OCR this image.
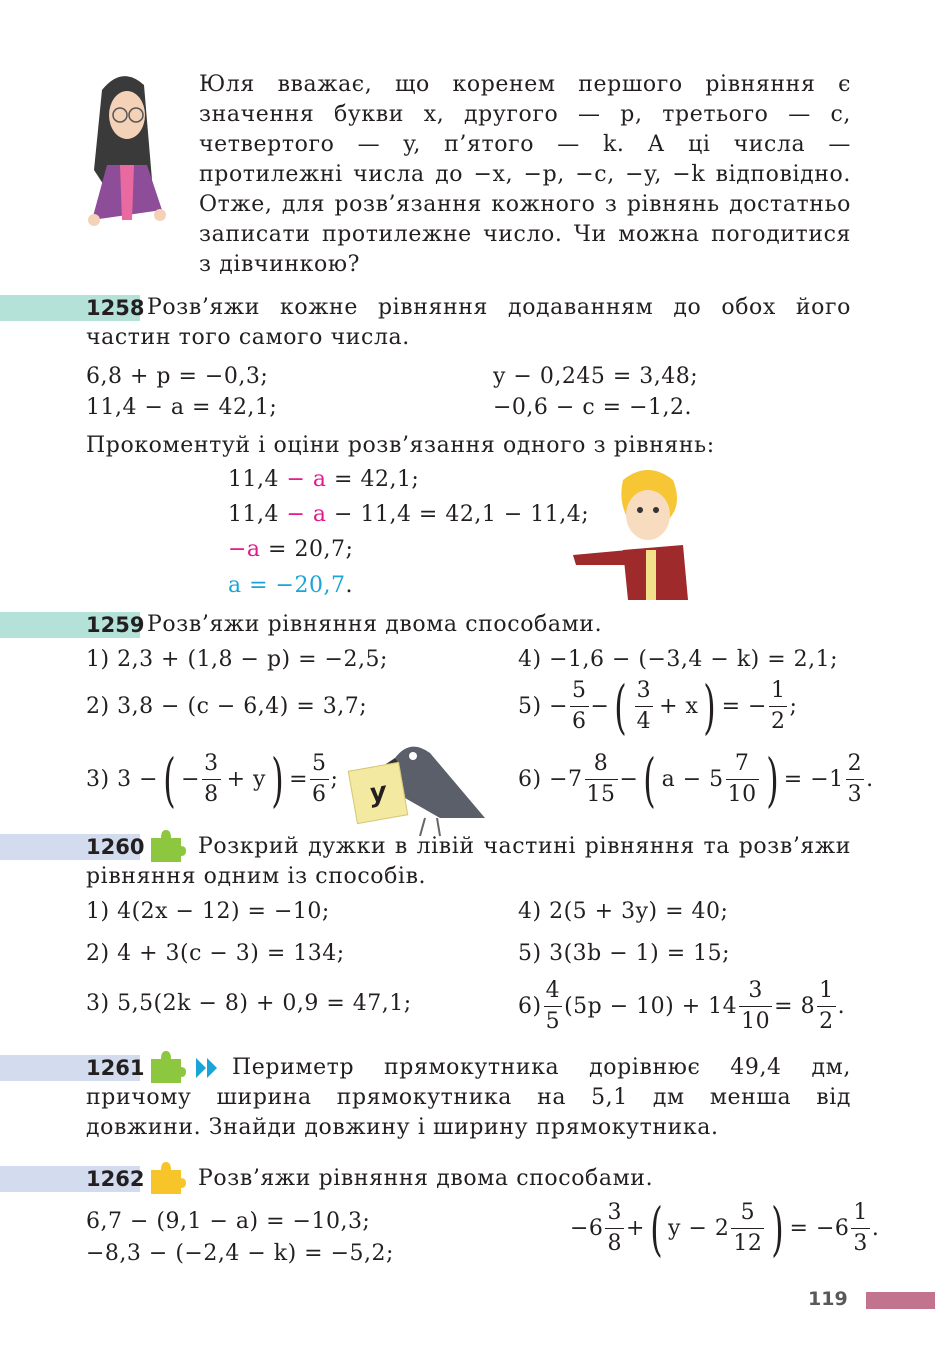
Юля вважає, що коренем першого рівняння є значення букви x, другого — p, третього — c, четвертого — y, п’ятого — k. А ці числа — протилежні числа до −x, −p, −c, −y, −k відповідно. Отже, для розв’язання кожного з рівнянь достатньо записати протилежне число. Чи можна погодитися з дівчинкою?
1258 Розв’яжи кожне рівняння додаванням до обох його частин того самого числа.
6,8 + p = −0,3;	y − 0,245 = 3,48;
11,4 − a = 42,1;	−0,6 − c = −1,2.
Прокоментуй і оціни розв’язання одного з рівнянь:
11,4 − a = 42,1;
11,4 − a − 11,4 = 42,1 − 11,4;
−a = 20,7;
a = −20,7.
1259 Розв’яжи рівняння двома способами.
1) 2,3 + (1,8 − p) = −2,5;	4) −1,6 − (−3,4 − k) = 2,1;
2) 3,8 − (c − 6,4) = 3,7;	$5) - \frac{5}{6}$ − ( $\frac{3}{4} + x$ ) = − $\frac{1}{2}$ ;
3) 3 − ( − $\frac{3}{8} + y$ ) = $\frac{5}{6}$ ;	y	$6) -7 \frac{8}{15}$ − ( $a - 5 \frac{7}{10}$ ) = $-1 \frac{2}{3}$ .
1260	Розкрий дужки в лівій частині рівняння та розв’яжи рівняння одним із способів.
1) 4(2x − 12) = −10;	4) 2(5 + 3y) = 40;
2) 4 + 3(c − 3) = 134;	5) 3(3b − 1) = 15;
3) 5,5(2k − 8) + 0,9 = 47,1;	$6) \frac{4}{5} (5p - 10) + 14 \frac{3}{10} = 8 \frac{1}{2}$ .
1261	Периметр прямокутника дорівнює 49,4 дм, причому ширина прямокутника на 5,1 дм менша від довжини. Знайди довжину і ширину прямокутника.
1262 Розв’яжи рівняння двома способами.
6,7 − (9,1 − a) = −10,3;
−8,3 − (−2,4 − k) = −5,2;
$-6 \frac{3}{8}$ + ( $y - 2 \frac{5}{12}$ ) = $-6 \frac{1}{3}$ .
119
